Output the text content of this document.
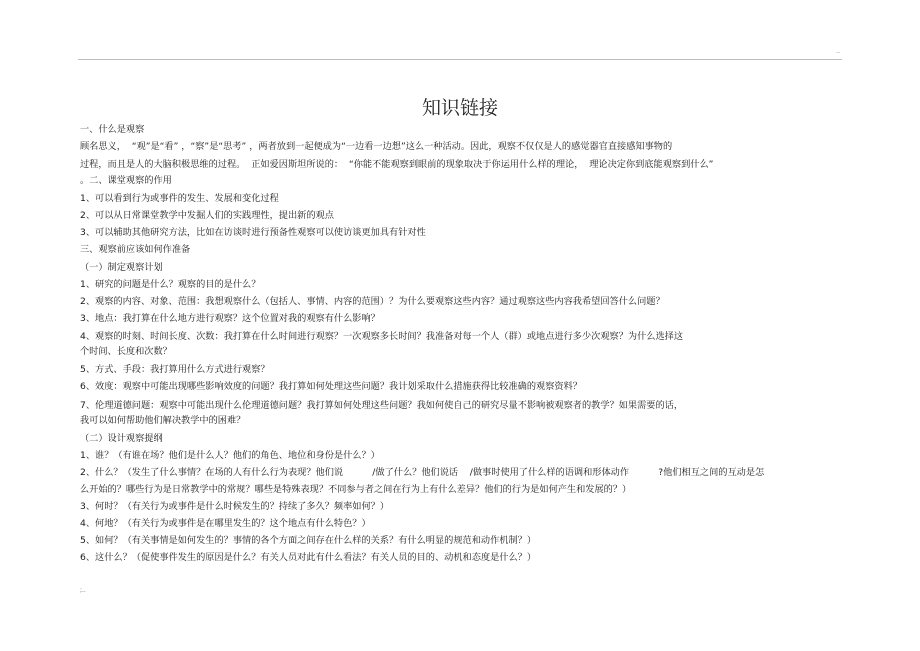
..
知识链接
一、什么是观察
顾名思义，  “观”是“看” ，“察”是“思考” ，两者放到一起便成为“一边看一边想”这么一种活动。因此，观察不仅仅是人的感觉器官直接感知事物的
过程，而且是人的大脑积极思维的过程。  正如爱因斯坦所说的：  “你能不能观察到眼前的现象取决于你运用什么样的理论，  理论决定你到底能观察到什么”
。二、课堂观察的作用
1、可以看到行为或事件的发生、发展和变化过程
2、可以从日常课堂教学中发掘人们的实践理性，提出新的观点
3、可以辅助其他研究方法，比如在访谈时进行预备性观察可以使访谈更加具有针对性
三、观察前应该如何作准备
（一）制定观察计划
1、研究的问题是什么？观察的目的是什么？
2、观察的内容、对象、范围：我想观察什么（包括人、事情、内容的范围）？为什么要观察这些内容？通过观察这些内容我希望回答什么问题？
3、地点：我打算在什么地方进行观察？这个位置对我的观察有什么影响？
4、观察的时刻、时间长度、次数：我打算在什么时间进行观察？一次观察多长时间？我准备对每一个人（群）或地点进行多少次观察？为什么选择这
个时间、长度和次数？
5、方式、手段：我打算用什么方式进行观察？
6、效度：观察中可能出现哪些影响效度的问题？我打算如何处理这些问题？我计划采取什么措施获得比较准确的观察资料？
7、伦理道德问题：观察中可能出现什么伦理道德问题？我打算如何处理这些问题？我如何使自己的研究尽量不影响被观察者的教学？如果需要的话，
我可以如何帮助他们解决教学中的困难？
（二）设计观察提纲
1、谁？（有谁在场？他们是什么人？他们的角色、地位和身份是什么？）
2、什么？（发生了什么事情？在场的人有什么行为表现？他们说          /做了什么？他们说话    /做事时使用了什么样的语调和形体动作          ?他们相互之间的互动是怎
么开始的？哪些行为是日常教学中的常规？哪些是特殊表现？不同参与者之间在行为上有什么差异？他们的行为是如何产生和发展的？）
3、何时？（有关行为或事件是什么时候发生的？持续了多久？频率如何？）
4、何地？（有关行为或事件是在哪里发生的？这个地点有什么特色？）
5、如何？（有关事情是如何发生的？事情的各个方面之间存在什么样的关系？有什么明显的规范和动作机制？）
6、这什么？（促使事件发生的原因是什么？有关人员对此有什么看法？有关人员的目的、动机和态度是什么？）
;..
